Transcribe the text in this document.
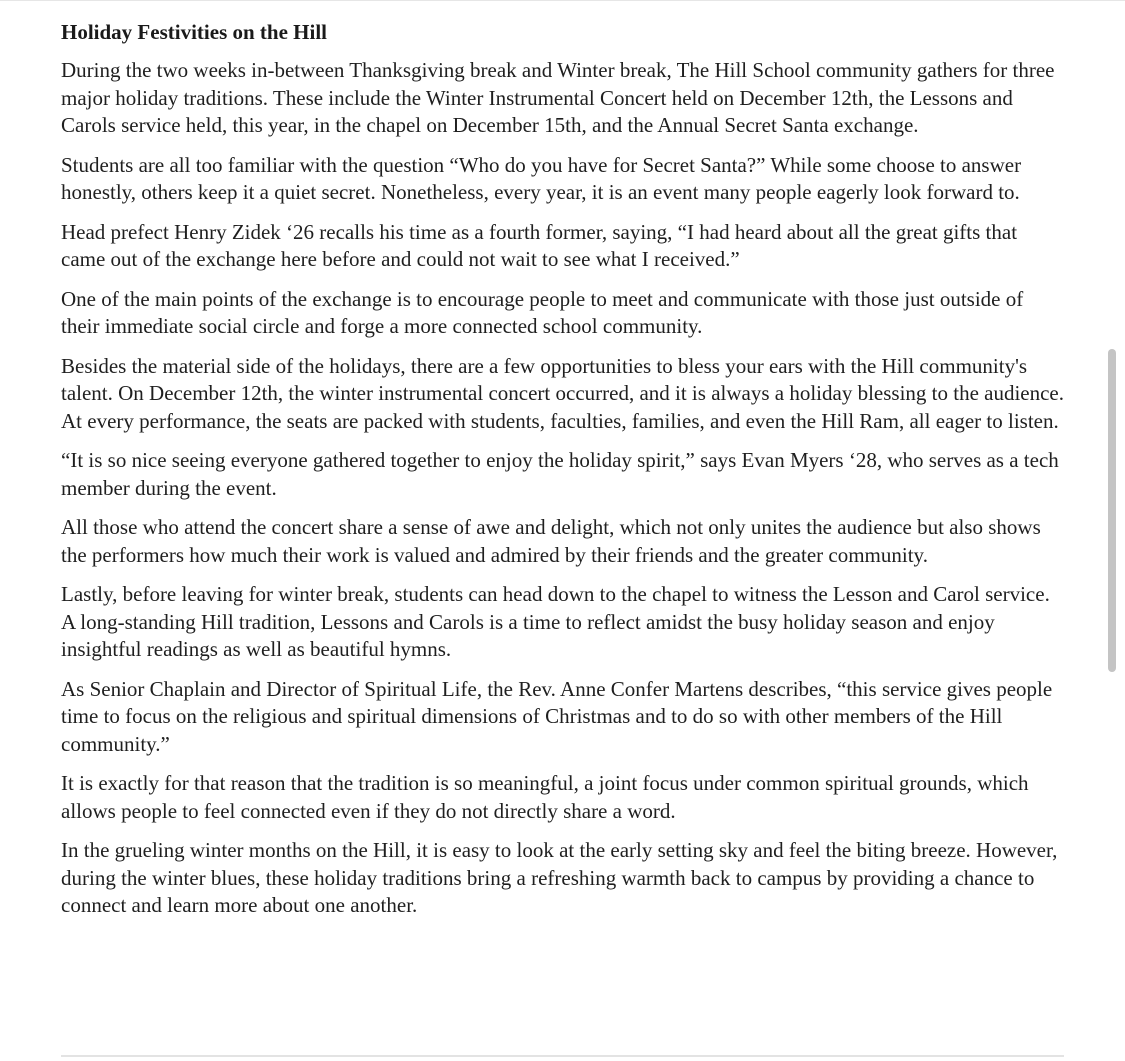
Holiday Festivities on the Hill

During the two weeks in-between Thanksgiving break and Winter break, The Hill School community gathers for three major holiday traditions. These include the Winter Instrumental Concert held on December 12th, the Lessons and Carols service held, this year, in the chapel on December 15th, and the Annual Secret Santa exchange.

Students are all too familiar with the question “Who do you have for Secret Santa?” While some choose to answer honestly, others keep it a quiet secret. Nonetheless, every year, it is an event many people eagerly look forward to.

Head prefect Henry Zidek ‘26 recalls his time as a fourth former, saying, “I had heard about all the great gifts that came out of the exchange here before and could not wait to see what I received.”

One of the main points of the exchange is to encourage people to meet and communicate with those just outside of their immediate social circle and forge a more connected school community.

Besides the material side of the holidays, there are a few opportunities to bless your ears with the Hill community's talent. On December 12th, the winter instrumental concert occurred, and it is always a holiday blessing to the audience. At every performance, the seats are packed with students, faculties, families, and even the Hill Ram, all eager to listen.

“It is so nice seeing everyone gathered together to enjoy the holiday spirit,” says Evan Myers ‘28, who serves as a tech member during the event.

All those who attend the concert share a sense of awe and delight, which not only unites the audience but also shows the performers how much their work is valued and admired by their friends and the greater community.

Lastly, before leaving for winter break, students can head down to the chapel to witness the Lesson and Carol service. A long-standing Hill tradition, Lessons and Carols is a time to reflect amidst the busy holiday season and enjoy insightful readings as well as beautiful hymns.

As Senior Chaplain and Director of Spiritual Life, the Rev. Anne Confer Martens describes, “this service gives people time to focus on the religious and spiritual dimensions of Christmas and to do so with other members of the Hill community.”

It is exactly for that reason that the tradition is so meaningful, a joint focus under common spiritual grounds, which allows people to feel connected even if they do not directly share a word.

In the grueling winter months on the Hill, it is easy to look at the early setting sky and feel the biting breeze. However, during the winter blues, these holiday traditions bring a refreshing warmth back to campus by providing a chance to connect and learn more about one another.
